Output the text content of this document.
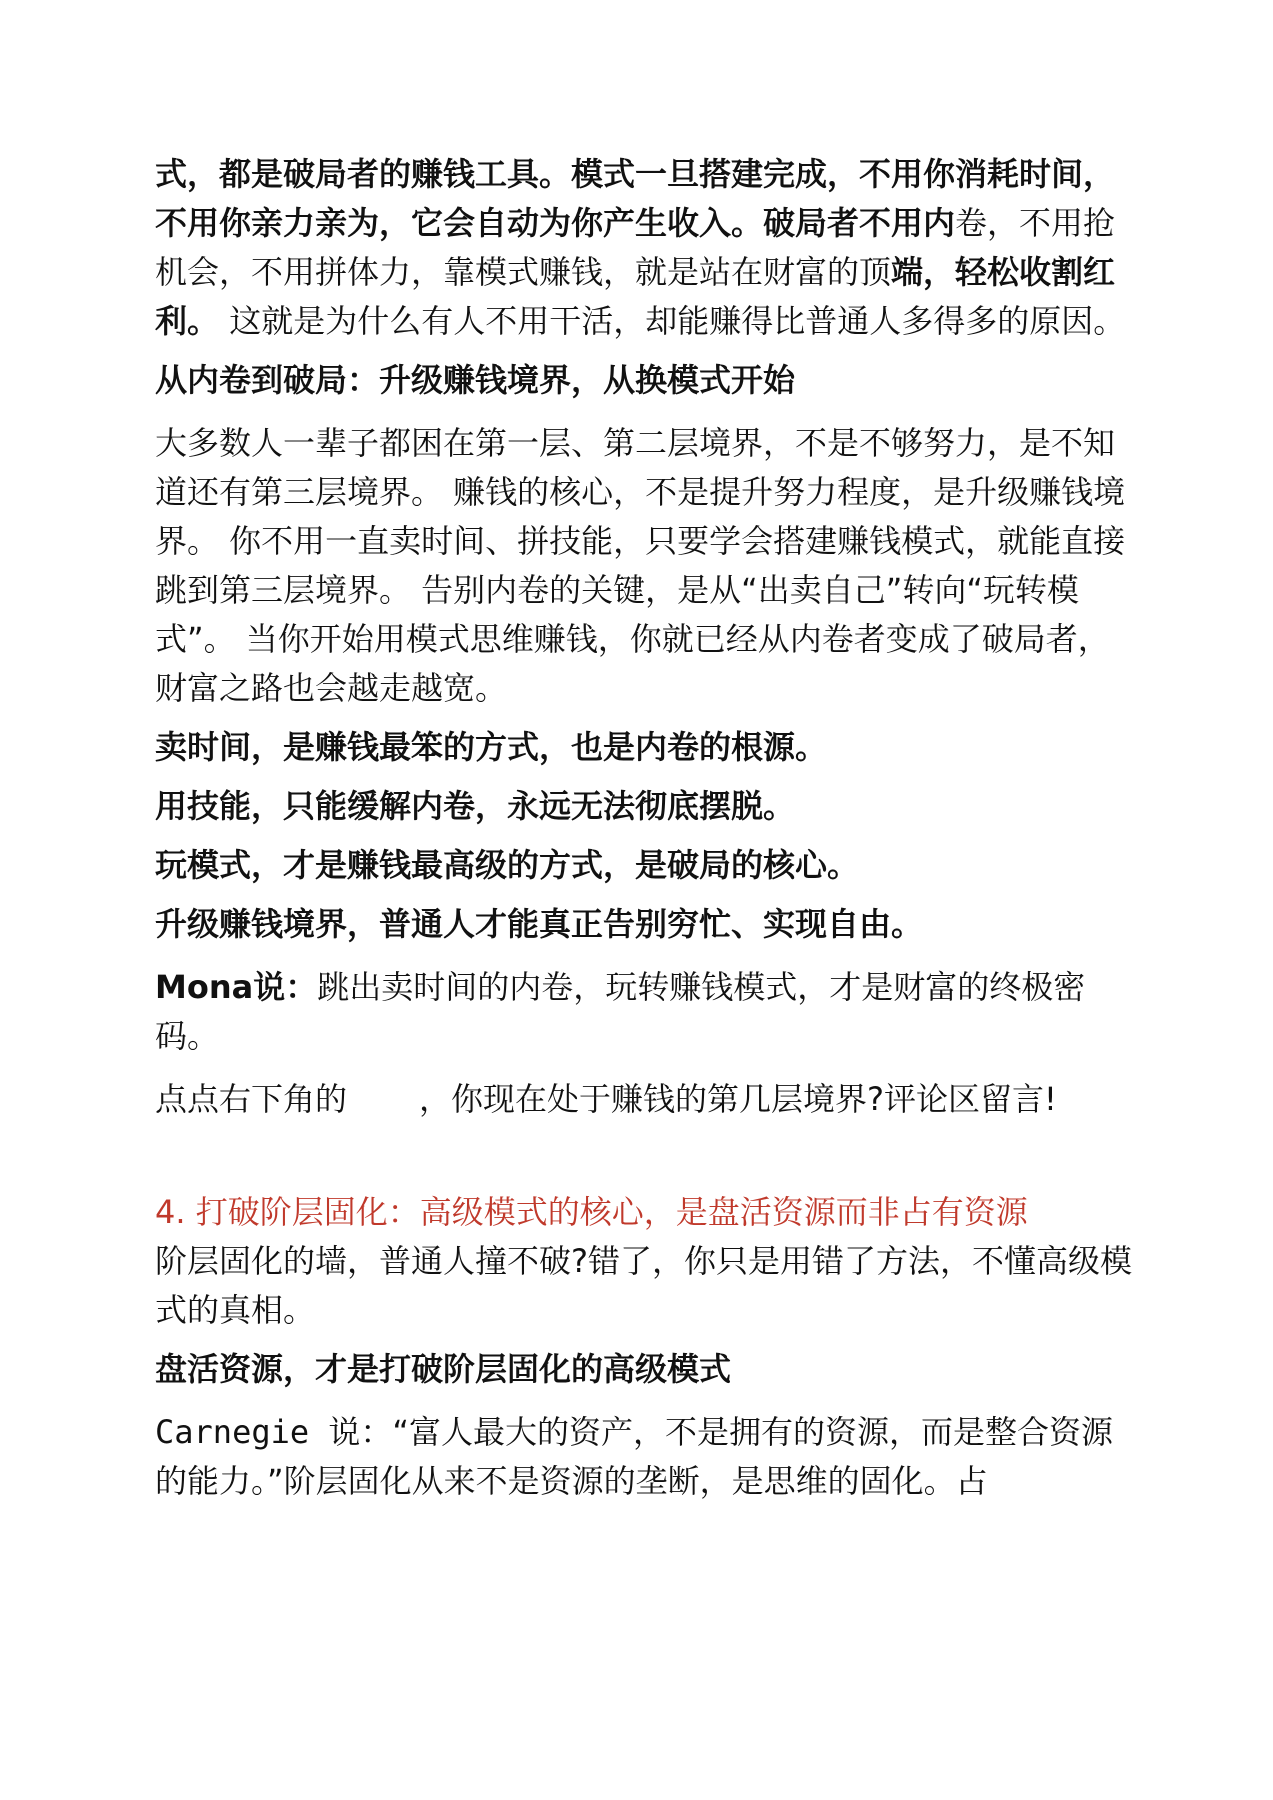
式，都是破局者的赚钱工具。模式一旦搭建完成，不用你消耗时间，不用你亲力亲为，它会自动为你产生收入。破局者不用内卷，不用抢机会，不用拼体力，靠模式赚钱，就是站在财富的顶端，轻松收割红利。 这就是为什么有人不用干活，却能赚得比普通人多得多的原因。

从内卷到破局：升级赚钱境界，从换模式开始

大多数人一辈子都困在第一层、第二层境界，不是不够努力，是不知道还有第三层境界。 赚钱的核心，不是提升努力程度，是升级赚钱境界。 你不用一直卖时间、拼技能，只要学会搭建赚钱模式，就能直接跳到第三层境界。 告别内卷的关键，是从“出卖自己”转向“玩转模式”。 当你开始用模式思维赚钱，你就已经从内卷者变成了破局者，财富之路也会越走越宽。

卖时间，是赚钱最笨的方式，也是内卷的根源。

用技能，只能缓解内卷，永远无法彻底摆脱。

玩模式，才是赚钱最高级的方式，是破局的核心。

升级赚钱境界，普通人才能真正告别穷忙、实现自由。

Mona说：跳出卖时间的内卷，玩转赚钱模式，才是财富的终极密码。

点点右下角的 ，你现在处于赚钱的第几层境界?评论区留言!

4. 打破阶层固化：高级模式的核心，是盘活资源而非占有资源

阶层固化的墙，普通人撞不破?错了，你只是用错了方法，不懂高级模式的真相。

盘活资源，才是打破阶层固化的高级模式

Carnegie 说：“富人最大的资产，不是拥有的资源，而是整合资源的能力。”阶层固化从来不是资源的垄断，是思维的固化。占
